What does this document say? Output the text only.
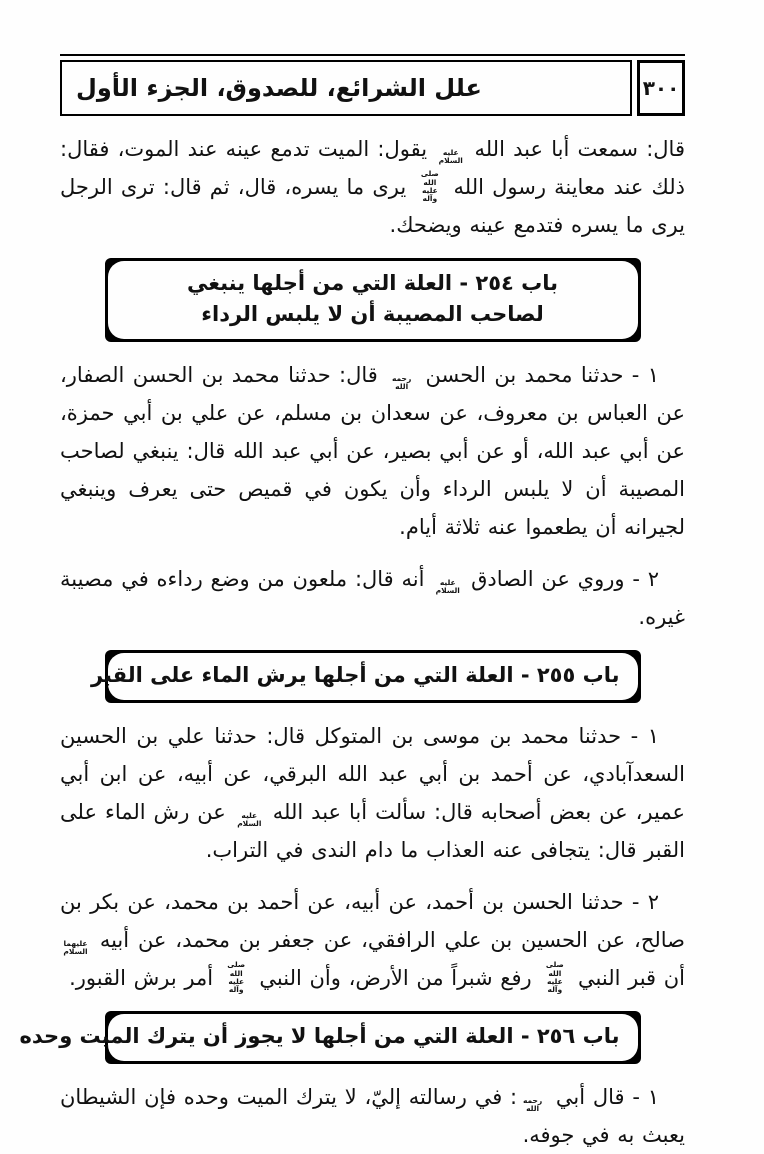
علل الشرائع، للصدوق، الجزء الأول	٣٠٠

قال: سمعت أبا عبد الله عليه السلام يقول: الميت تدمع عينه عند الموت، فقال: ذلك عند معاينة رسول الله صلى الله عليه وآله يرى ما يسره، قال، ثم قال: ترى الرجل يرى ما يسره فتدمع عينه ويضحك.

باب ٢٥٤ - العلة التي من أجلها ينبغي
لصاحب المصيبة أن لا يلبس الرداء

١ - حدثنا محمد بن الحسن رحمه الله قال: حدثنا محمد بن الحسن الصفار، عن العباس بن معروف، عن سعدان بن مسلم، عن علي بن أبي حمزة، عن أبي عبد الله، أو عن أبي بصير، عن أبي عبد الله قال: ينبغي لصاحب المصيبة أن لا يلبس الرداء وأن يكون في قميص حتى يعرف وينبغي لجيرانه أن يطعموا عنه ثلاثة أيام.

٢ - وروي عن الصادق عليه السلام أنه قال: ملعون من وضع رداءه في مصيبة غيره.

باب ٢٥٥ - العلة التي من أجلها يرش الماء على القبر

١ - حدثنا محمد بن موسى بن المتوكل قال: حدثنا علي بن الحسين السعدآبادي، عن أحمد بن أبي عبد الله البرقي، عن أبيه، عن ابن أبي عمير، عن بعض أصحابه قال: سألت أبا عبد الله عليه السلام عن رش الماء على القبر قال: يتجافى عنه العذاب ما دام الندى في التراب.

٢ - حدثنا الحسن بن أحمد، عن أبيه، عن أحمد بن محمد، عن بكر بن صالح، عن الحسين بن علي الرافقي، عن جعفر بن محمد، عن أبيه عليهما السلام أن قبر النبي صلى الله عليه وآله رفع شبراً من الأرض، وأن النبي صلى الله عليه وآله أمر برش القبور.

باب ٢٥٦ - العلة التي من أجلها لا يجوز أن يترك الميت وحده

١ - قال أبي رحمه الله: في رسالته إليّ، لا يترك الميت وحده فإن الشيطان يعبث به في جوفه.
